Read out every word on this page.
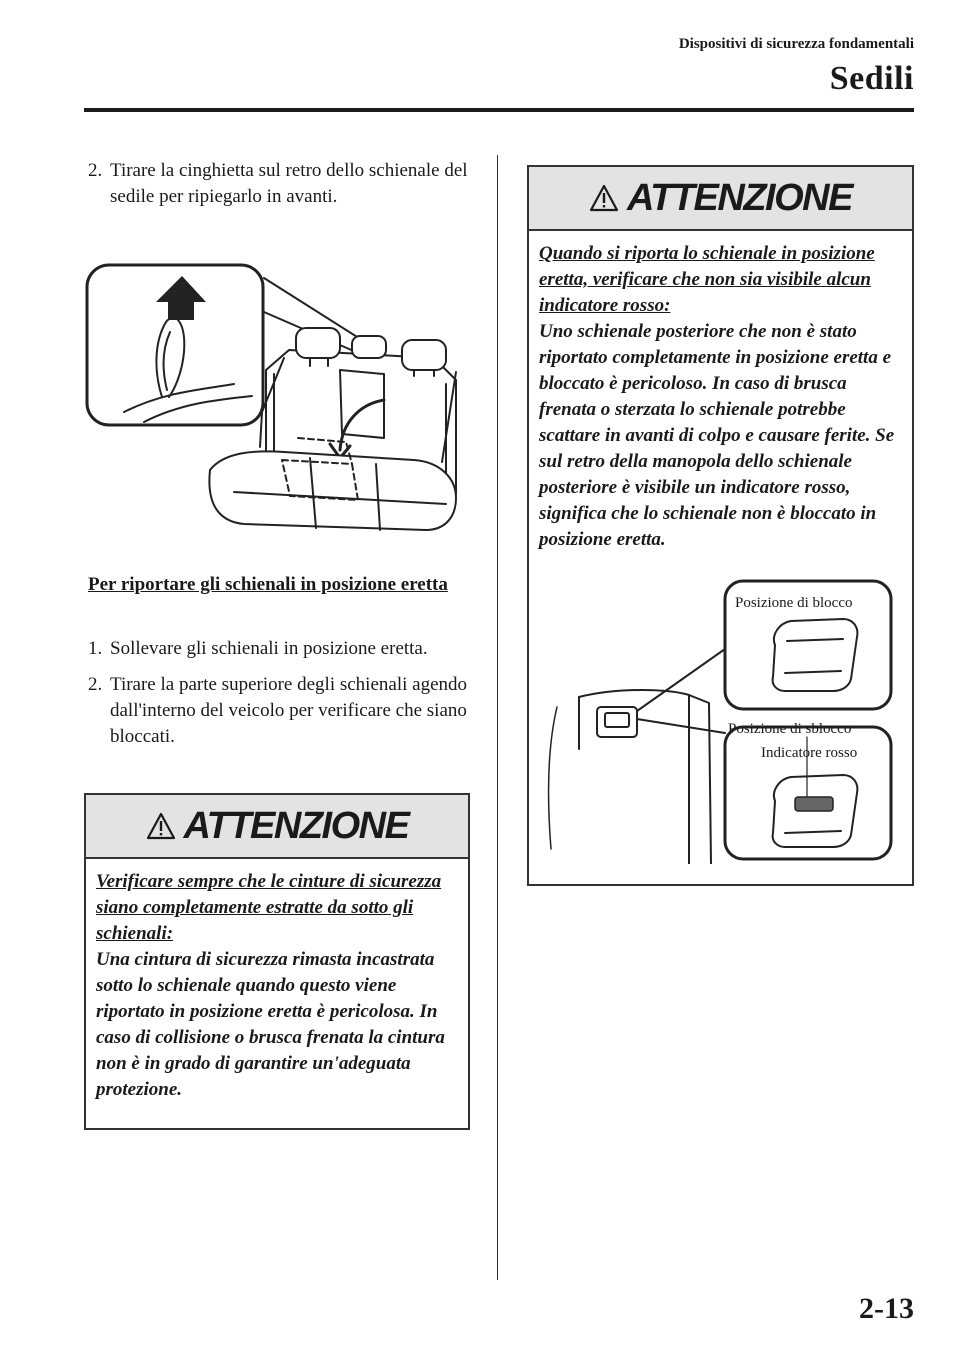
Dispositivi di sicurezza fondamentali
Sedili
2. Tirare la cinghietta sul retro dello schienale del sedile per ripiegarlo in avanti.
Per riportare gli schienali in posizione eretta
1. Sollevare gli schienali in posizione eretta.
2. Tirare la parte superiore degli schienali agendo dall'interno del veicolo per verificare che siano bloccati.
ATTENZIONE
Verificare sempre che le cinture di sicurezza siano completamente estratte da sotto gli schienali:
Una cintura di sicurezza rimasta incastrata sotto lo schienale quando questo viene riportato in posizione eretta è pericolosa. In caso di collisione o brusca frenata la cintura non è in grado di garantire un'adeguata protezione.
ATTENZIONE
Quando si riporta lo schienale in posizione eretta, verificare che non sia visibile alcun indicatore rosso:
Uno schienale posteriore che non è stato riportato completamente in posizione eretta e bloccato è pericoloso. In caso di brusca frenata o sterzata lo schienale potrebbe scattare in avanti di colpo e causare ferite. Se sul retro della manopola dello schienale posteriore è visibile un indicatore rosso, significa che lo schienale non è bloccato in posizione eretta.
Posizione di blocco
Posizione di sblocco
Indicatore rosso
2-13
